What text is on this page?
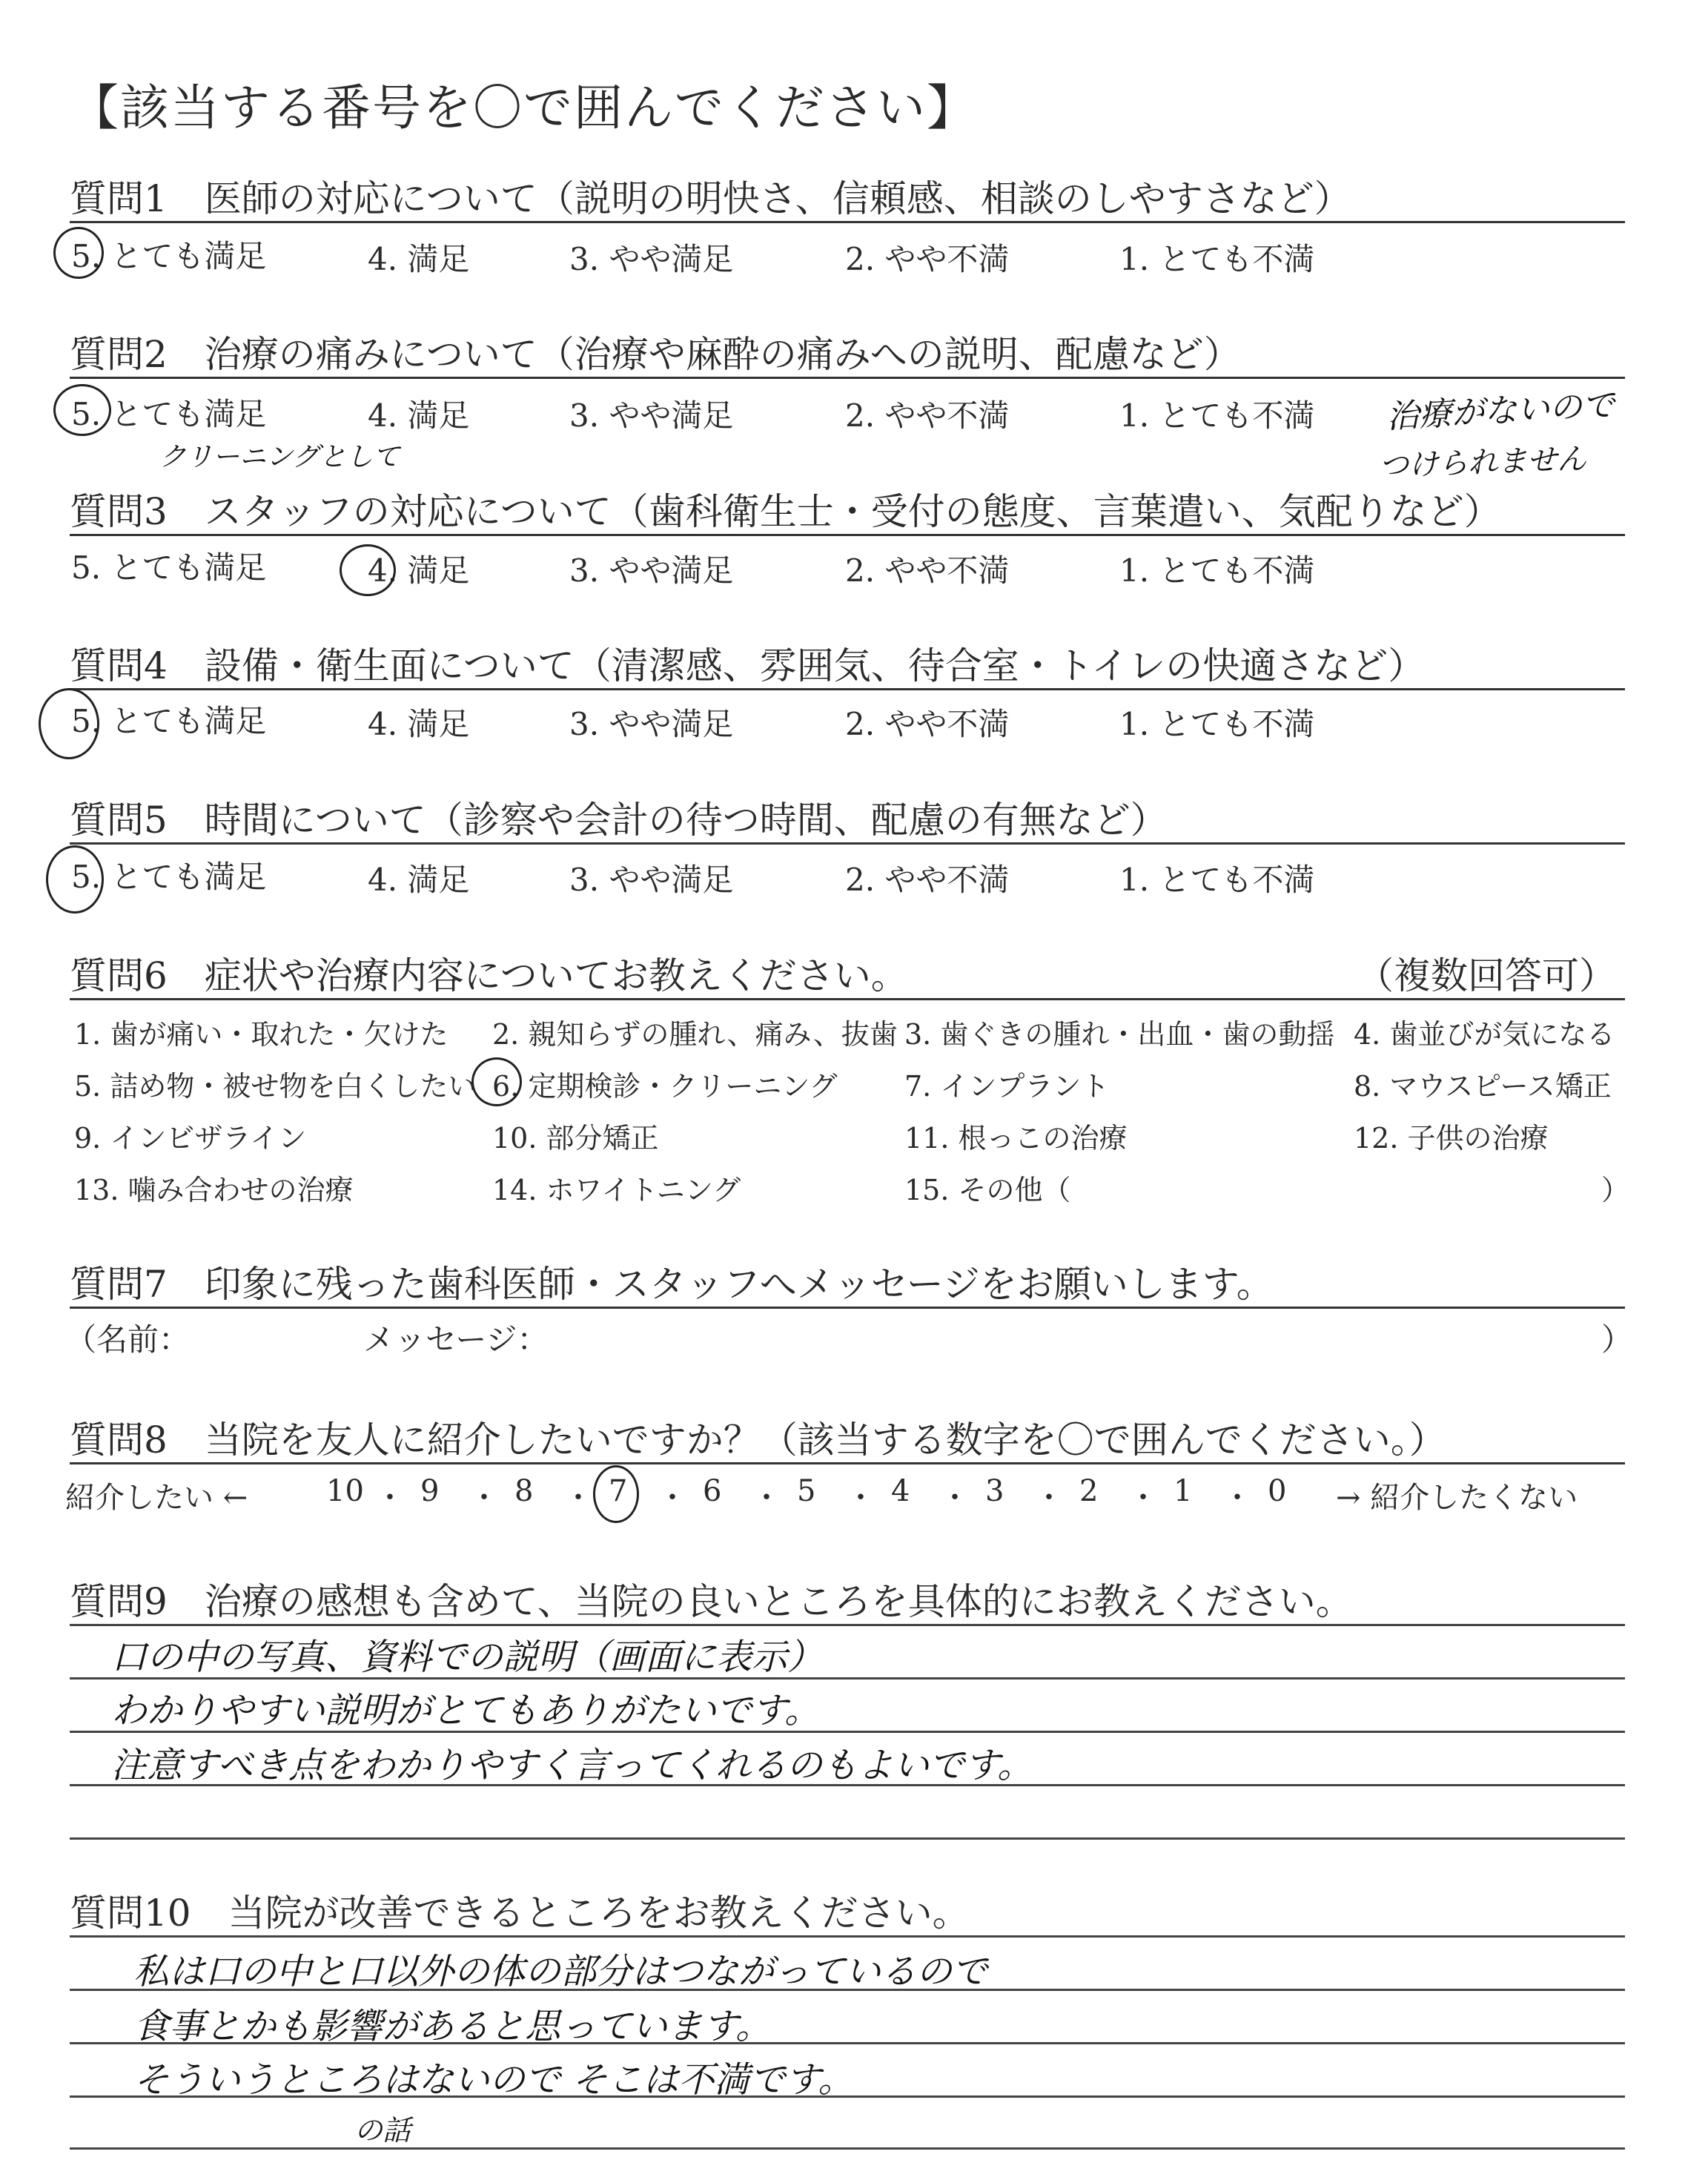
【該当する番号を〇で囲んでください】
質問1　医師の対応について（説明の明快さ、信頼感、相談のしやすさなど）
5. とても満足	4. 満足	3. やや満足	2. やや不満	1. とても不満
質問2　治療の痛みについて（治療や麻酔の痛みへの説明、配慮など）
5. とても満足	4. 満足	3. やや満足	2. やや不満	1. とても不満 治療がないので
つけられません
クリーニングとして
質問3　スタッフの対応について（歯科衛生士・受付の態度、言葉遣い、気配りなど）
5. とても満足	4. 満足	3. やや満足	2. やや不満	1. とても不満
質問4　設備・衛生面について（清潔感、雰囲気、待合室・トイレの快適さなど）
5. とても満足	4. 満足	3. やや満足	2. やや不満	1. とても不満
質問5　時間について（診察や会計の待つ時間、配慮の有無など）
5. とても満足	4. 満足	3. やや満足	2. やや不満	1. とても不満
質問6　症状や治療内容についてお教えください。	（複数回答可）
1. 歯が痛い・取れた・欠けた 2. 親知らずの腫れ、痛み、抜歯 3. 歯ぐきの腫れ・出血・歯の動揺 4. 歯並びが気になる
5. 詰め物・被せ物を白くしたい 6. 定期検診・クリーニング 7. インプラント	8. マウスピース矯正
9. インビザライン	10. 部分矯正	11. 根っこの治療	12. 子供の治療
13. 噛み合わせの治療	14. ホワイトニング	15. その他（	）
質問7　印象に残った歯科医師・スタッフへメッセージをお願いします。
（名前：	メッセージ：	）
質問8　当院を友人に紹介したいですか？（該当する数字を〇で囲んでください。）
紹介したい ←	10 ・ 9 ・ 8 ・ 7 ・ 6 ・ 5 ・ 4 ・ 3 ・ 2 ・ 1 ・ 0 → 紹介したくない
質問9　治療の感想も含めて、当院の良いところを具体的にお教えください。
口の中の写真、資料での説明（画面に表示）
わかりやすい説明がとてもありがたいです。
注意すべき点をわかりやすく言ってくれるのもよいです。
質問10　当院が改善できるところをお教えください。
私は口の中と口以外の体の部分はつながっているので
食事とかも影響があると思っています。
そういうところはないので そこは不満です。
の話
